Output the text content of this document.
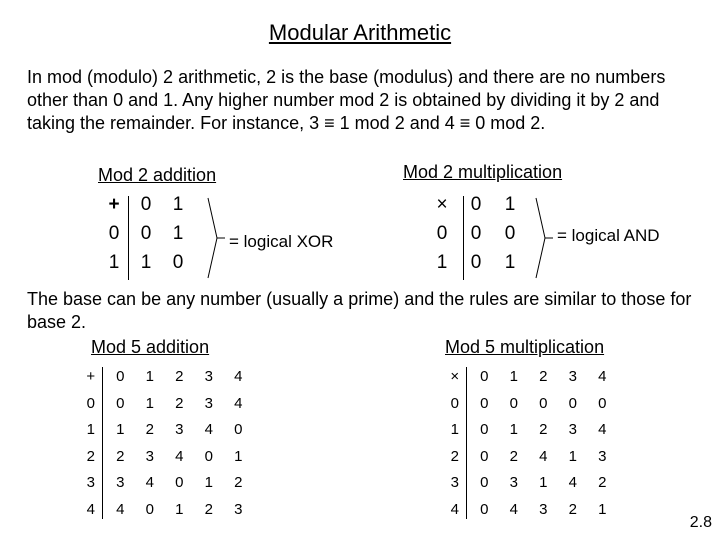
Modular Arithmetic
In mod (modulo) 2 arithmetic, 2 is the base (modulus) and there are no numbers other than 0 and 1. Any higher number mod 2 is obtained by dividing it by 2 and taking the remainder. For instance, 3 ≡ 1 mod 2 and 4 ≡ 0 mod 2.
Mod 2 addition	Mod 2 multiplication
= logical XOR	= logical AND
The base can be any number (usually a prime) and the rules are similar to those for base 2.
Mod 5 addition	Mod 5 multiplication
2.8
+	0	1
0	0	1
1	1	0
×	0	1
0	0	0
1	0	1
+	0	1	2	3	4
0	0	1	2	3	4
1	1	2	3	4	0
2	2	3	4	0	1
3	3	4	0	1	2
4	4	0	1	2	3
×	0	1	2	3	4
0	0	0	0	0	0
1	0	1	2	3	4
2	0	2	4	1	3
3	0	3	1	4	2
4	0	4	3	2	1
